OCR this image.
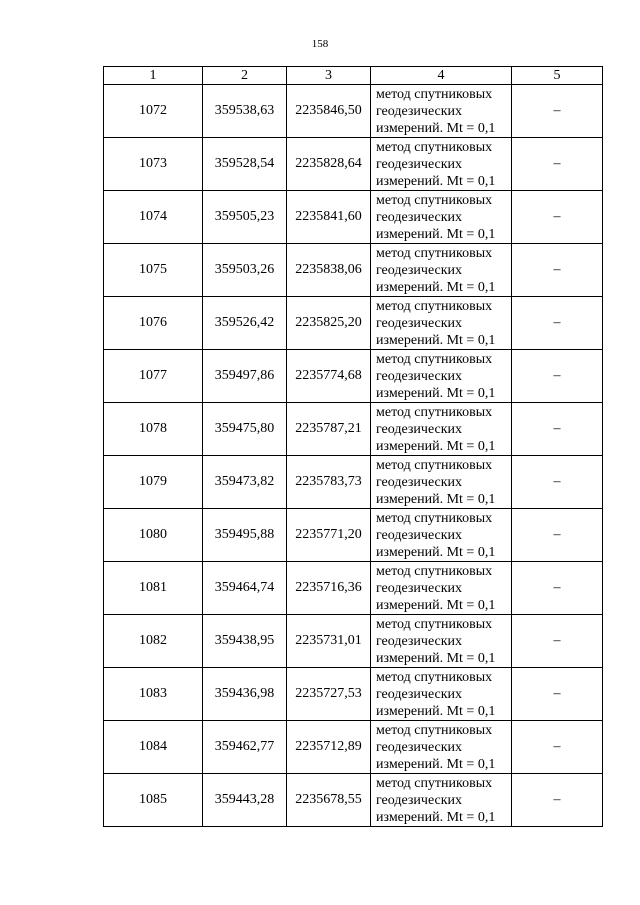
158
1	2	3	4	5
1072	359538,63	2235846,50	метод спутниковых
геодезических
измерений. Mt = 0,1	–
1073	359528,54	2235828,64	метод спутниковых
геодезических
измерений. Mt = 0,1	–
1074	359505,23	2235841,60	метод спутниковых
геодезических
измерений. Mt = 0,1	–
1075	359503,26	2235838,06	метод спутниковых
геодезических
измерений. Mt = 0,1	–
1076	359526,42	2235825,20	метод спутниковых
геодезических
измерений. Mt = 0,1	–
1077	359497,86	2235774,68	метод спутниковых
геодезических
измерений. Mt = 0,1	–
1078	359475,80	2235787,21	метод спутниковых
геодезических
измерений. Mt = 0,1	–
1079	359473,82	2235783,73	метод спутниковых
геодезических
измерений. Mt = 0,1	–
1080	359495,88	2235771,20	метод спутниковых
геодезических
измерений. Mt = 0,1	–
1081	359464,74	2235716,36	метод спутниковых
геодезических
измерений. Mt = 0,1	–
1082	359438,95	2235731,01	метод спутниковых
геодезических
измерений. Mt = 0,1	–
1083	359436,98	2235727,53	метод спутниковых
геодезических
измерений. Mt = 0,1	–
1084	359462,77	2235712,89	метод спутниковых
геодезических
измерений. Mt = 0,1	–
1085	359443,28	2235678,55	метод спутниковых
геодезических
измерений. Mt = 0,1	–
